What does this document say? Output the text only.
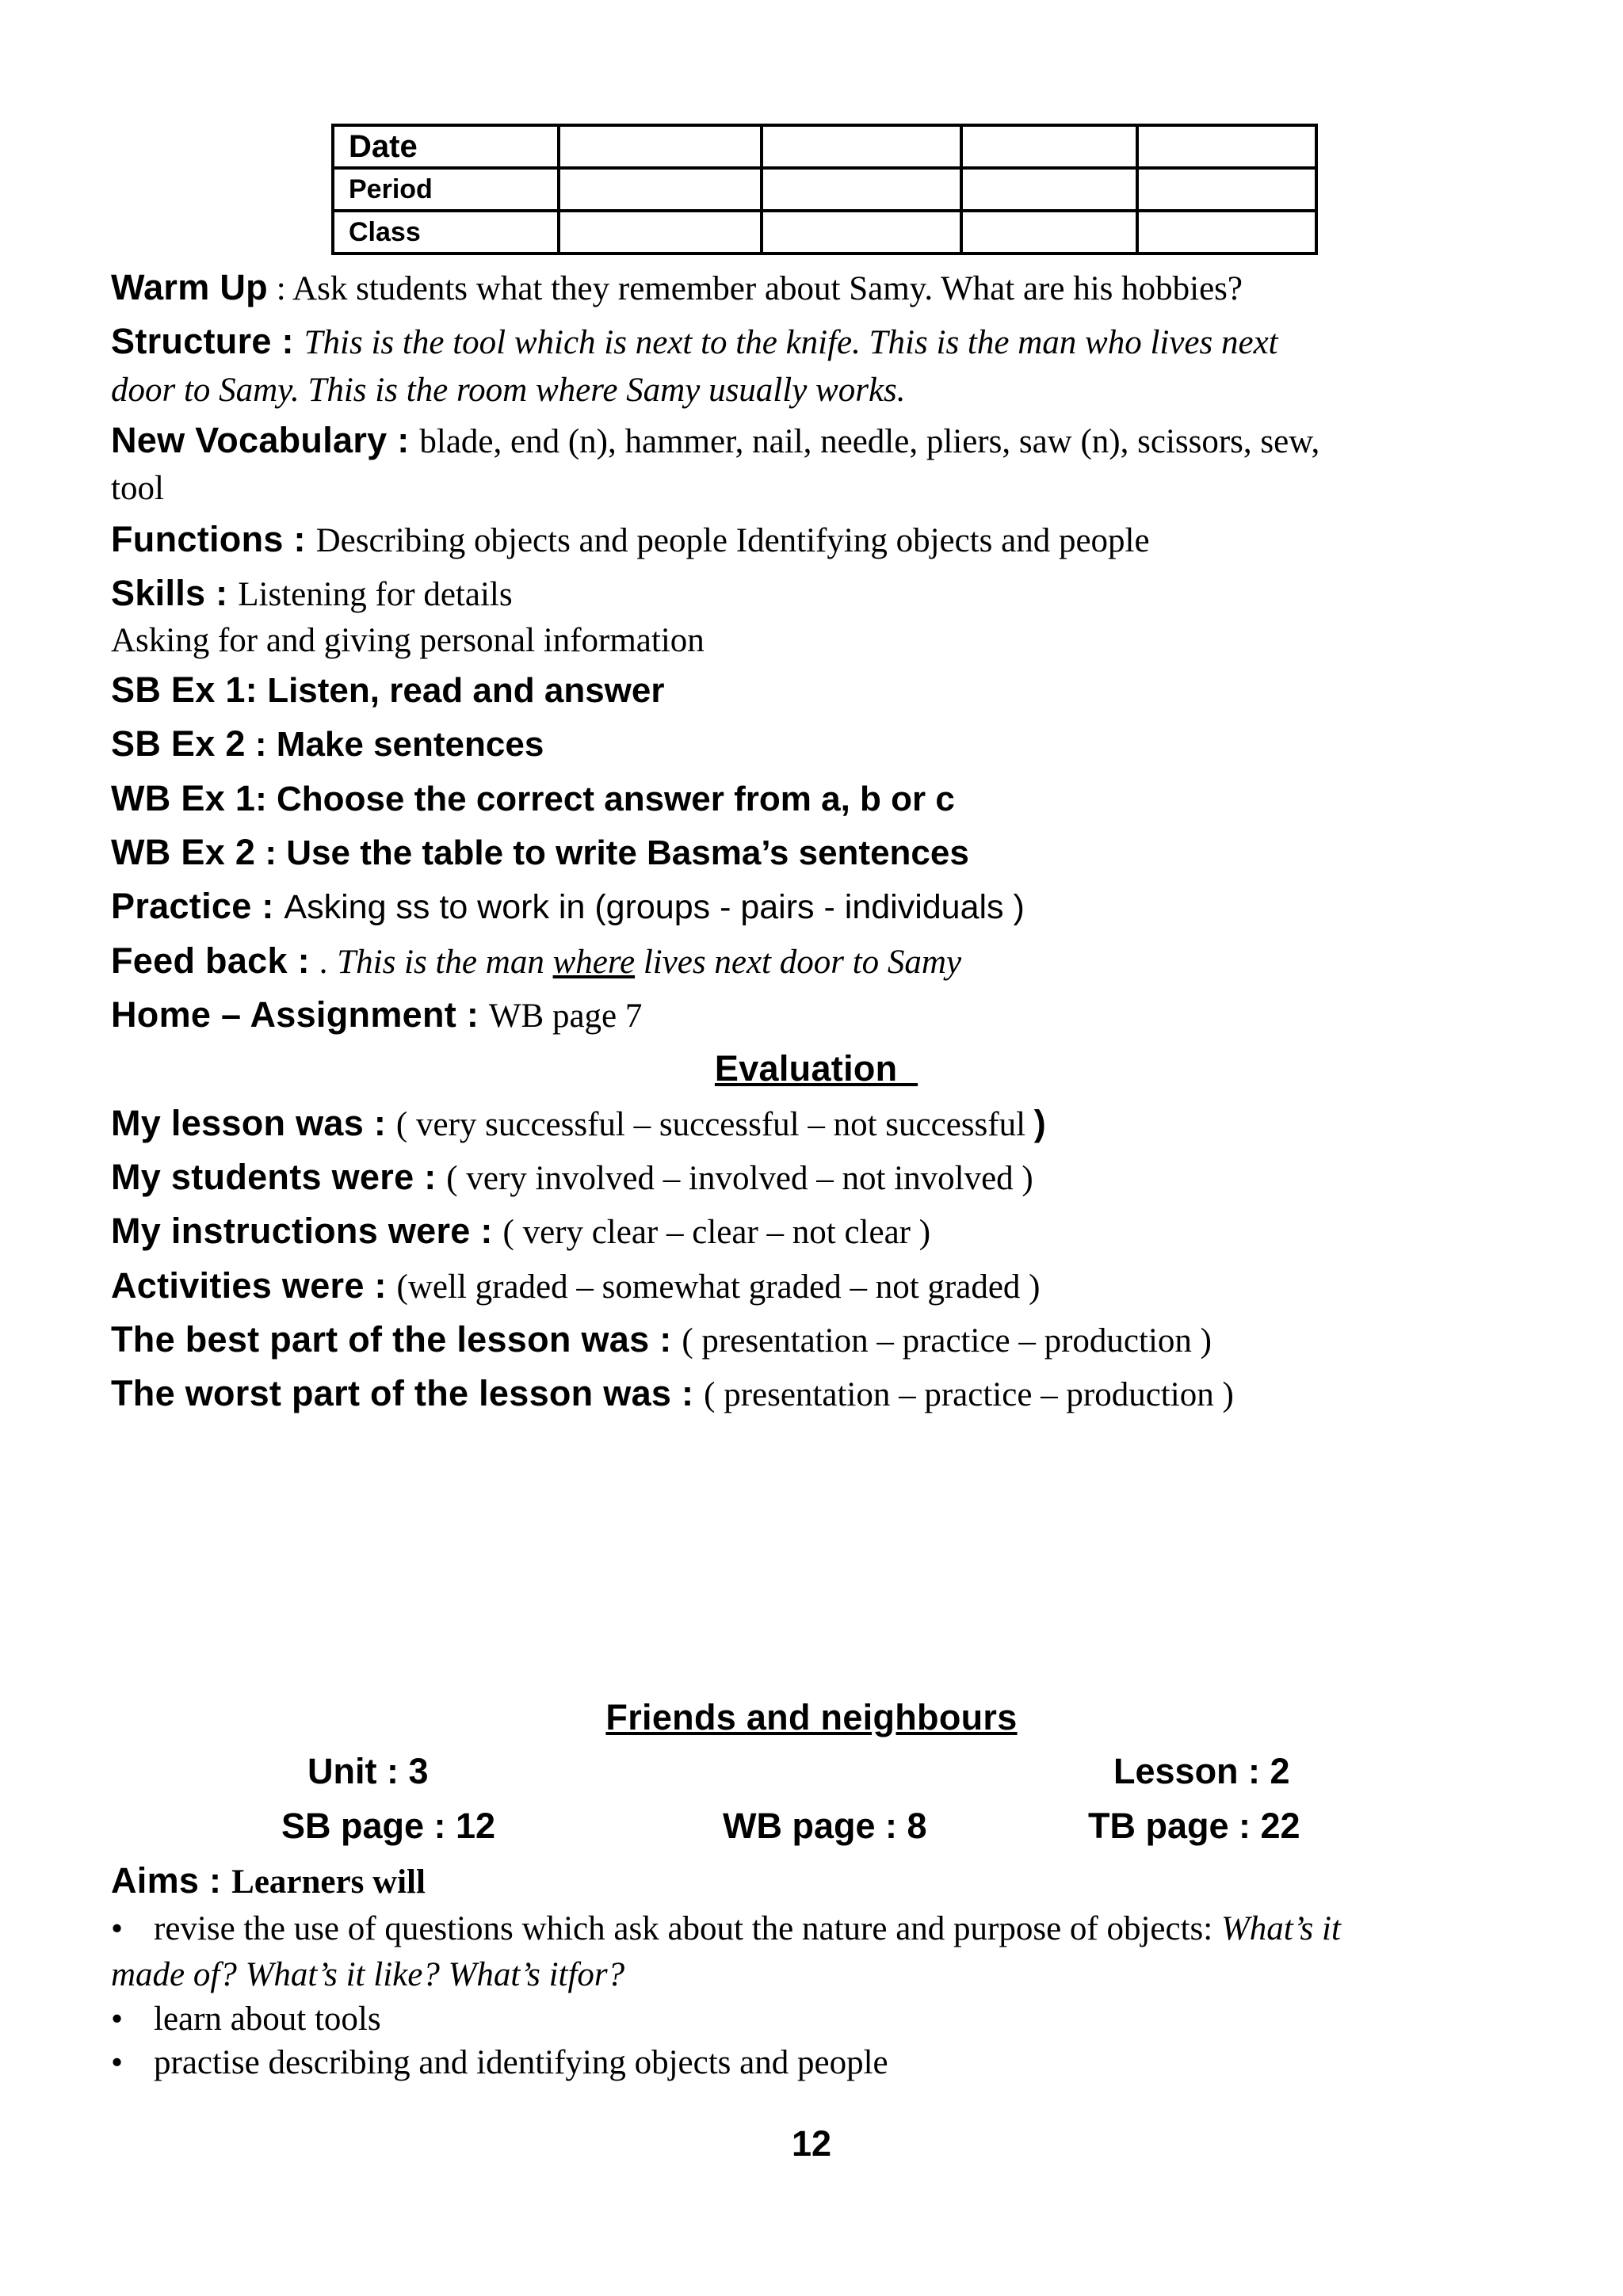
Date				
Period				
Class				
Warm Up : Ask students what they remember about Samy. What are his hobbies?
Structure : This is the tool which is next to the knife. This is the man who lives next
door to Samy. This is the room where Samy usually works.
New Vocabulary : blade, end (n), hammer, nail, needle, pliers, saw (n), scissors, sew,
tool
Functions : Describing objects and people Identifying objects and people
Skills : Listening for details
Asking for and giving personal information
SB Ex 1: Listen, read and answer
SB Ex 2 : Make sentences
WB Ex 1: Choose the correct answer from a, b or c
WB Ex 2 : Use the table to write Basma’s sentences
Practice : Asking ss to work in (groups - pairs - individuals )
Feed back : . This is the man where lives next door to Samy
Home – Assignment : WB page 7
Evaluation
My lesson was : ( very successful – successful – not successful )
My students were : ( very involved – involved – not involved )
My instructions were : ( very clear – clear – not clear )
Activities were : (well graded – somewhat graded – not graded )
The best part of the lesson was : ( presentation – practice – production )
The worst part of the lesson was : ( presentation – practice – production )
Friends and neighbours
Unit : 3	Lesson : 2
SB page : 12	WB page : 8	TB page : 22
Aims : Learners will
• revise the use of questions which ask about the nature and purpose of objects: What’s it
made of? What’s it like? What’s itfor?
• learn about tools
• practise describing and identifying objects and people
12
